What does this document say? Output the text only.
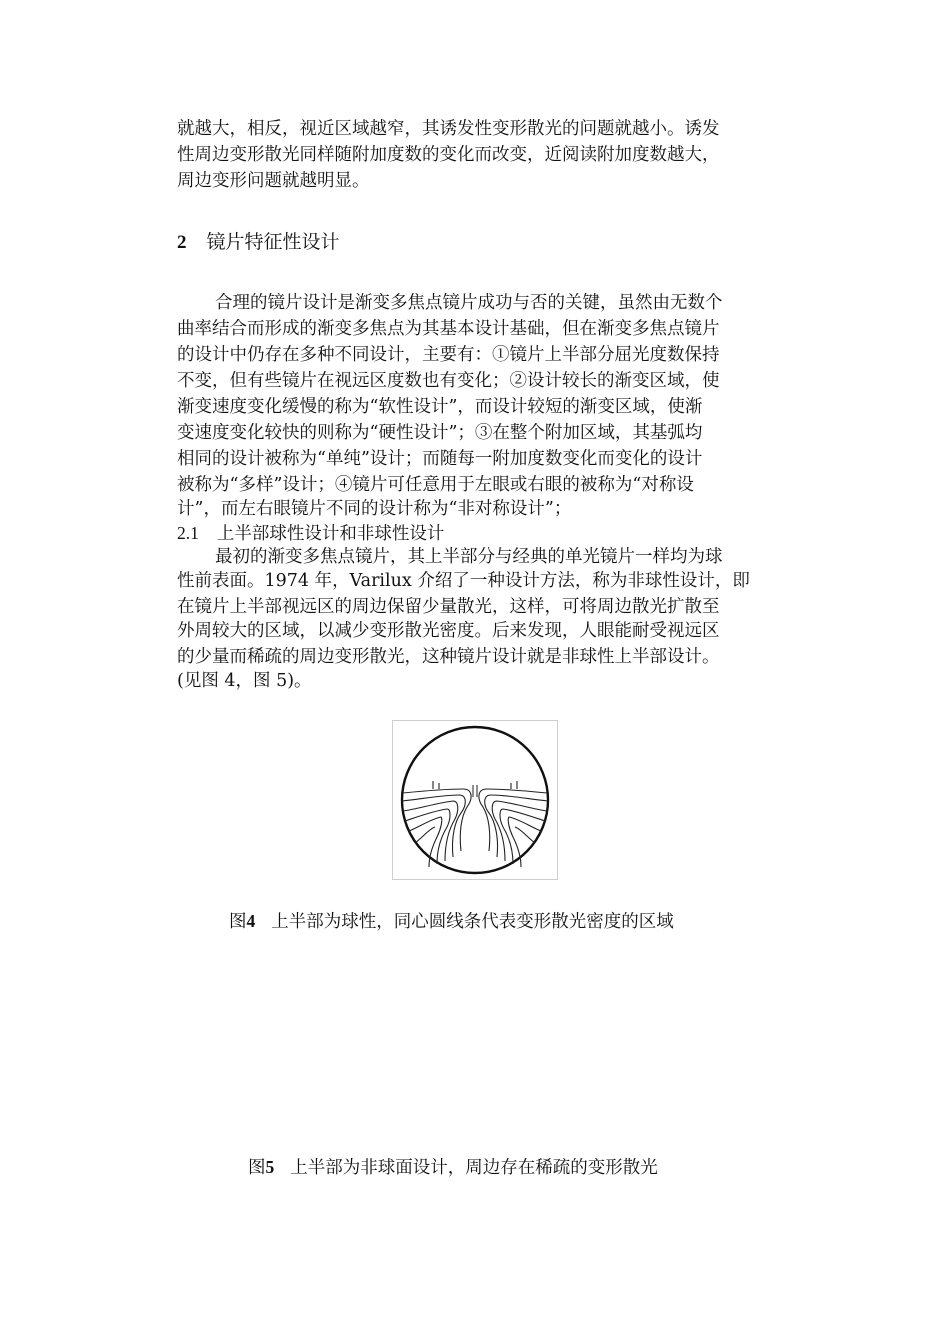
就越大，相反，视近区域越窄，其诱发性变形散光的问题就越小。诱发
性周边变形散光同样随附加度数的变化而改变，近阅读附加度数越大，
周边变形问题就越明显。
2 镜片特征性设计
合理的镜片设计是渐变多焦点镜片成功与否的关键，虽然由无数个
曲率结合而形成的渐变多焦点为其基本设计基础，但在渐变多焦点镜片
的设计中仍存在多种不同设计，主要有：①镜片上半部分屈光度数保持
不变，但有些镜片在视远区度数也有变化；②设计较长的渐变区域，使
渐变速度变化缓慢的称为“软性设计”，而设计较短的渐变区域，使渐
变速度变化较快的则称为“硬性设计”；③在整个附加区域，其基弧均
相同的设计被称为“单纯”设计；而随每一附加度数变化而变化的设计
被称为“多样”设计；④镜片可任意用于左眼或右眼的被称为“对称设
计”，而左右眼镜片不同的设计称为“非对称设计”；
2.1 上半部球性设计和非球性设计
最初的渐变多焦点镜片，其上半部分与经典的单光镜片一样均为球
性前表面。1974 年，Varilux 介绍了一种设计方法，称为非球性设计，即
在镜片上半部视远区的周边保留少量散光，这样，可将周边散光扩散至
外周较大的区域，以减少变形散光密度。后来发现，人眼能耐受视远区
的少量而稀疏的周边变形散光，这种镜片设计就是非球性上半部设计。
(见图 4，图 5)。
图4 上半部为球性，同心圆线条代表变形散光密度的区域
图5 上半部为非球面设计，周边存在稀疏的变形散光
